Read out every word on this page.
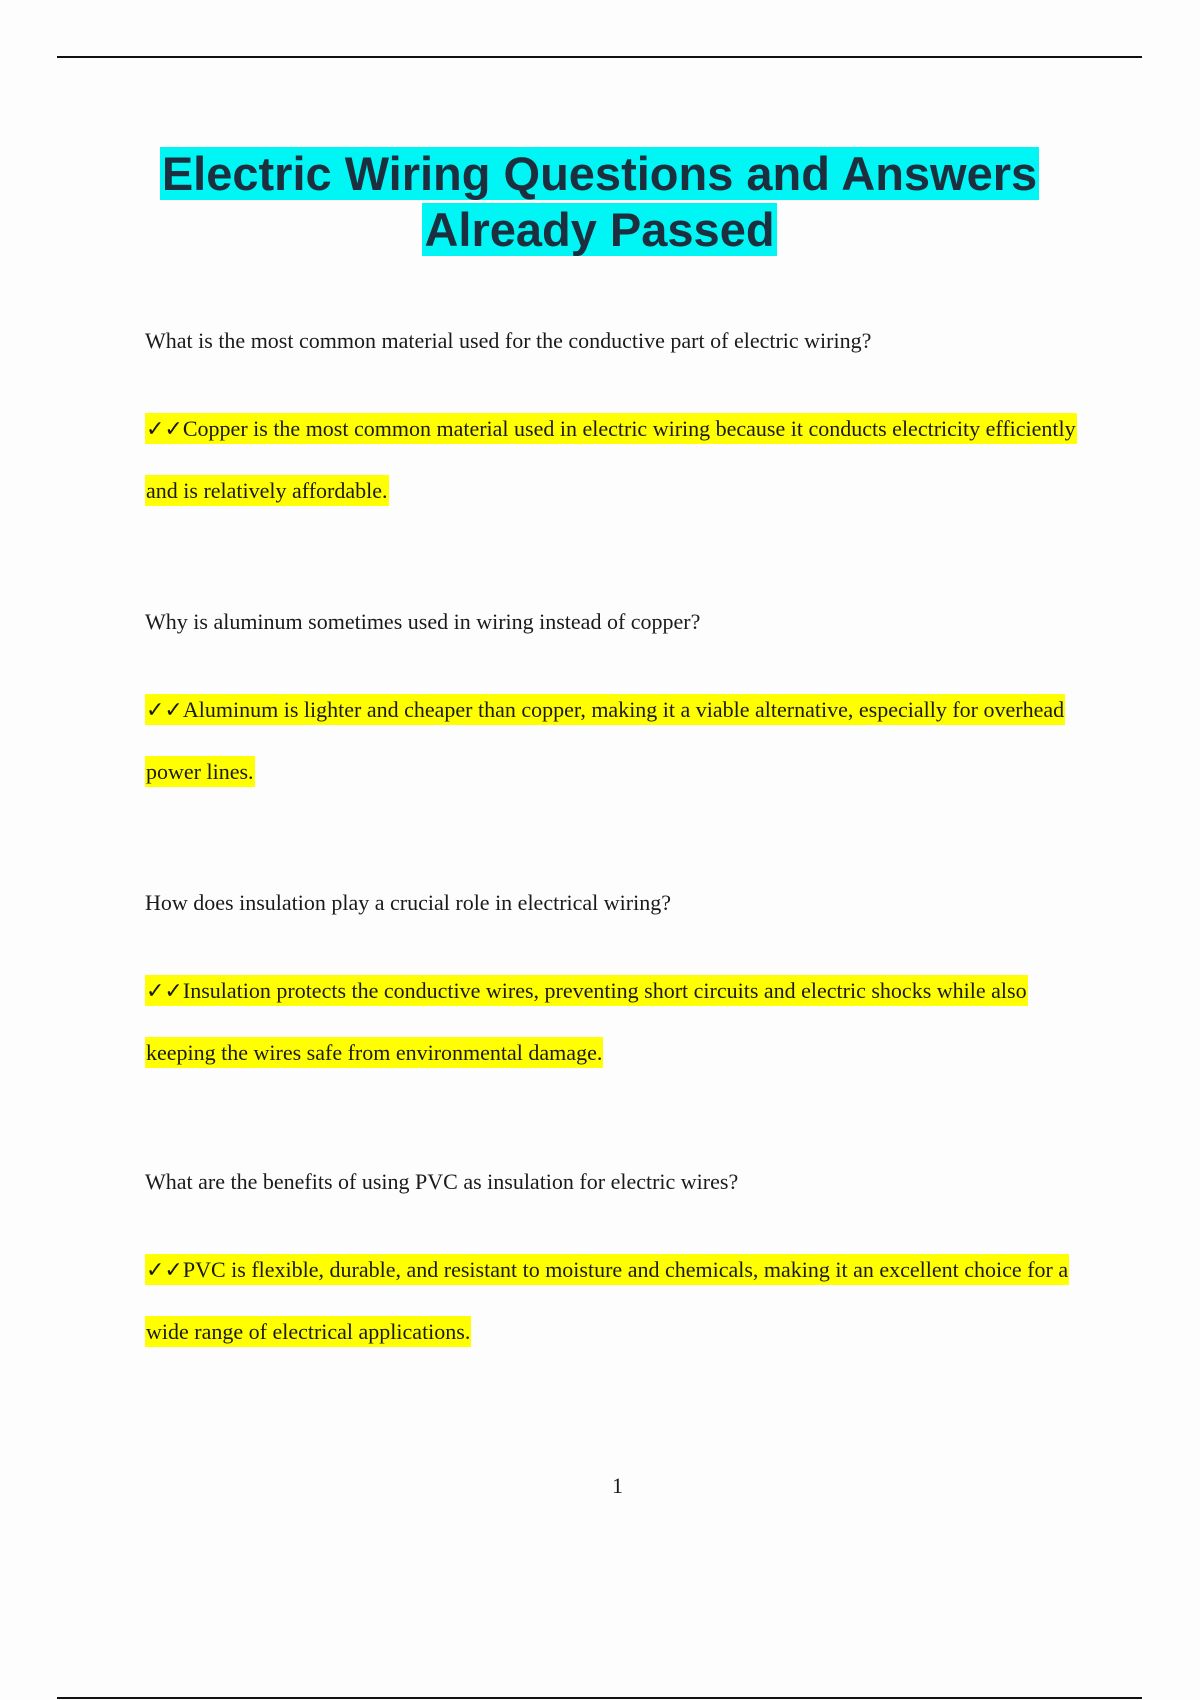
Electric Wiring Questions and Answers
Already Passed
What is the most common material used for the conductive part of electric wiring?
✓✓Copper is the most common material used in electric wiring because it conducts electricity efficiently and is relatively affordable.
Why is aluminum sometimes used in wiring instead of copper?
✓✓Aluminum is lighter and cheaper than copper, making it a viable alternative, especially for overhead power lines.
How does insulation play a crucial role in electrical wiring?
✓✓Insulation protects the conductive wires, preventing short circuits and electric shocks while also keeping the wires safe from environmental damage.
What are the benefits of using PVC as insulation for electric wires?
✓✓PVC is flexible, durable, and resistant to moisture and chemicals, making it an excellent choice for a wide range of electrical applications.
1
